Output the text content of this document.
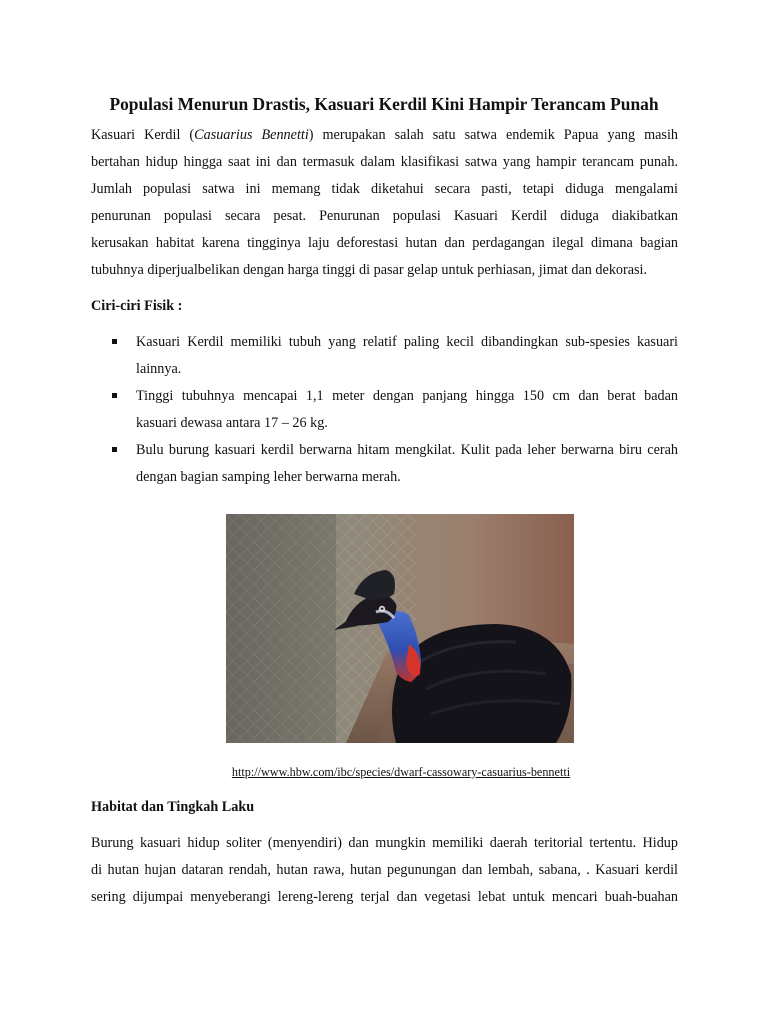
Populasi Menurun Drastis, Kasuari Kerdil Kini Hampir Terancam Punah
Kasuari Kerdil (Casuarius Bennetti) merupakan salah satu satwa endemik Papua yang masih
bertahan hidup hingga saat ini dan termasuk dalam klasifikasi satwa yang hampir terancam punah.
Jumlah populasi satwa ini memang tidak diketahui secara pasti, tetapi diduga mengalami
penurunan populasi secara pesat. Penurunan populasi Kasuari Kerdil diduga diakibatkan
kerusakan habitat karena tingginya laju deforestasi hutan dan perdagangan ilegal dimana bagian
tubuhnya diperjualbelikan dengan harga tinggi di pasar gelap untuk perhiasan, jimat dan dekorasi.
Ciri-ciri Fisik :
Kasuari Kerdil memiliki tubuh yang relatif paling kecil dibandingkan sub-spesies kasuari
lainnya.
Tinggi tubuhnya mencapai 1,1 meter dengan panjang hingga 150 cm dan berat badan
kasuari dewasa antara 17 – 26 kg.
Bulu burung kasuari kerdil berwarna hitam mengkilat. Kulit pada leher berwarna biru cerah
dengan bagian samping leher berwarna merah.
http://www.hbw.com/ibc/species/dwarf-cassowary-casuarius-bennetti
Habitat dan Tingkah Laku
Burung kasuari hidup soliter (menyendiri) dan mungkin memiliki daerah teritorial tertentu. Hidup
di hutan hujan dataran rendah, hutan rawa, hutan pegunungan dan lembah, sabana, . Kasuari kerdil
sering dijumpai menyeberangi lereng-lereng terjal dan vegetasi lebat untuk mencari buah-buahan
